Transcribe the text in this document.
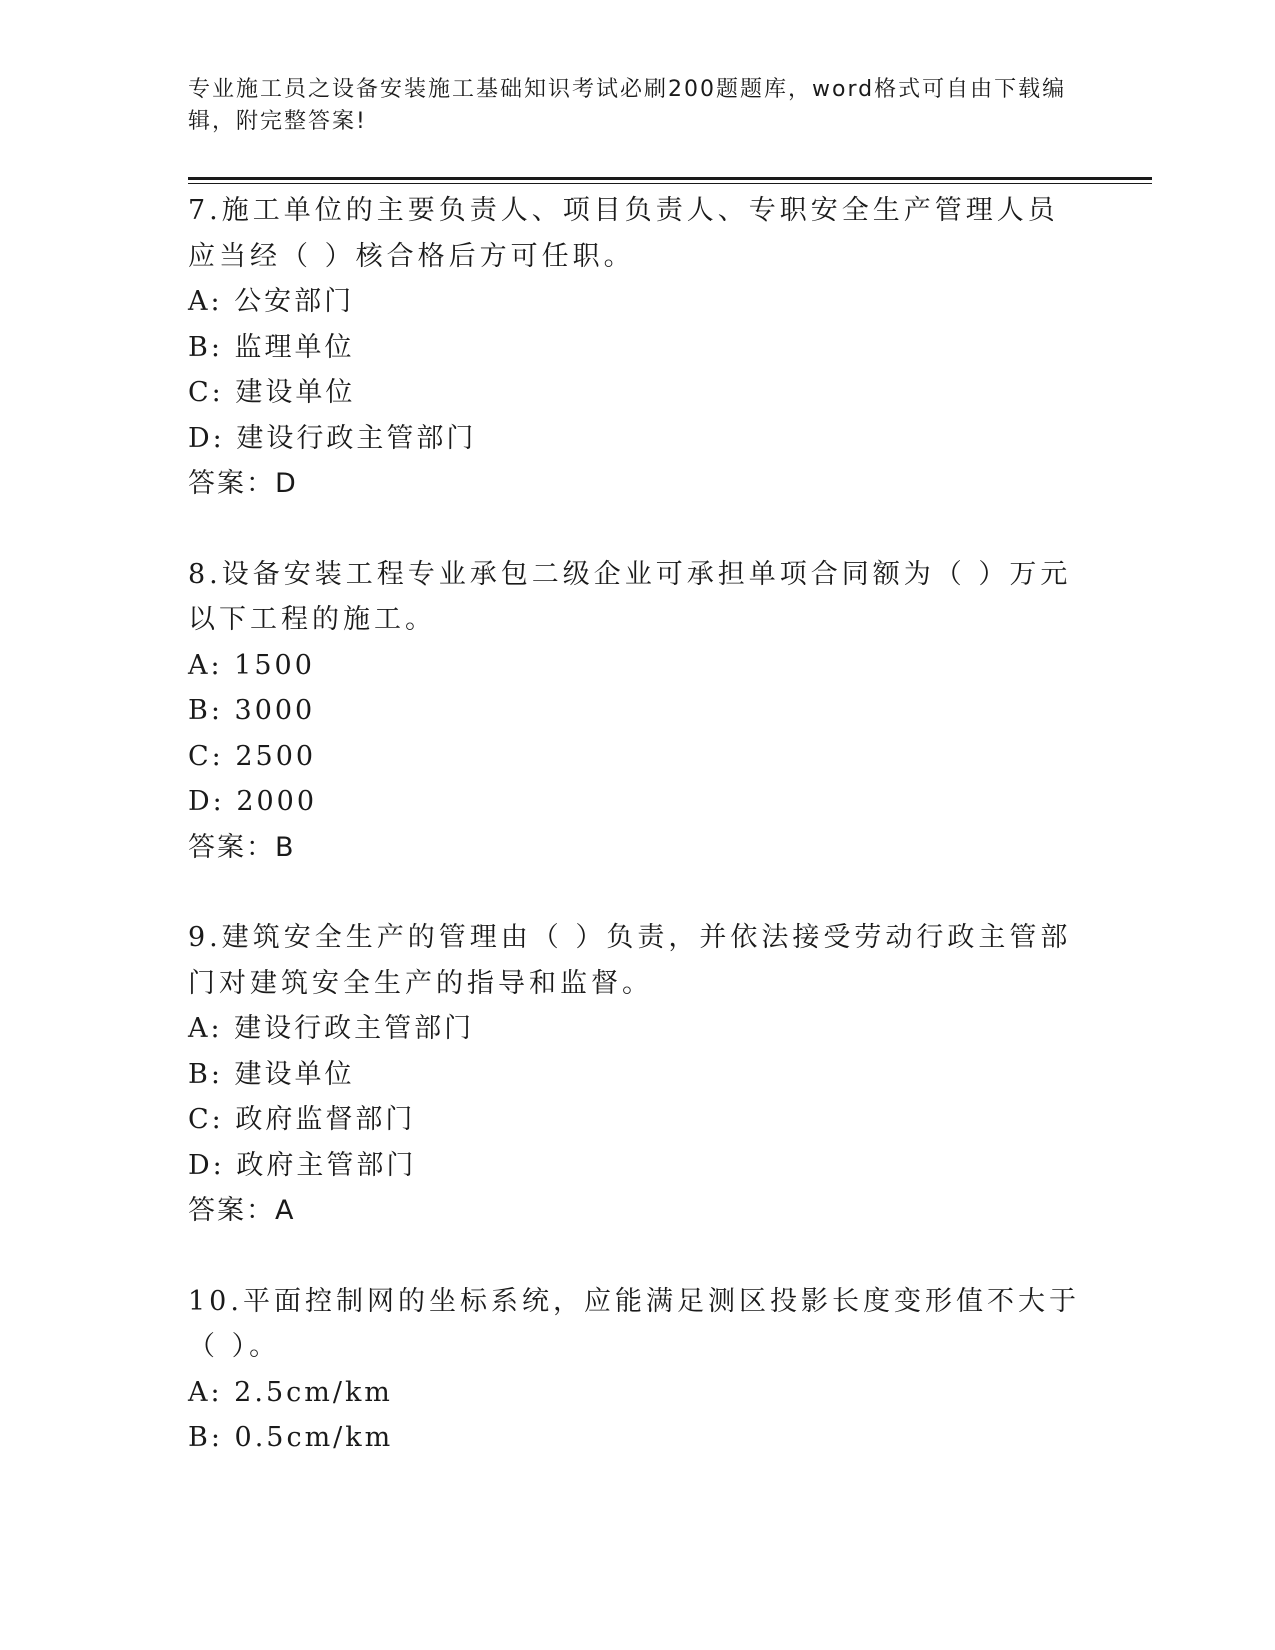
专业施工员之设备安装施工基础知识考试必刷200题题库，word格式可自由下载编辑，附完整答案!
7.施工单位的主要负责人、项目负责人、专职安全生产管理人员应当经（ ）核合格后方可任职。
A: 公安部门
B: 监理单位
C: 建设单位
D: 建设行政主管部门
答案：D
8.设备安装工程专业承包二级企业可承担单项合同额为（ ）万元以下工程的施工。
A: 1500
B: 3000
C: 2500
D: 2000
答案：B
9.建筑安全生产的管理由（ ）负责，并依法接受劳动行政主管部门对建筑安全生产的指导和监督。
A: 建设行政主管部门
B: 建设单位
C: 政府监督部门
D: 政府主管部门
答案：A
10.平面控制网的坐标系统，应能满足测区投影长度变形值不大于（ ）。
A: 2.5cm/km
B: 0.5cm/km
